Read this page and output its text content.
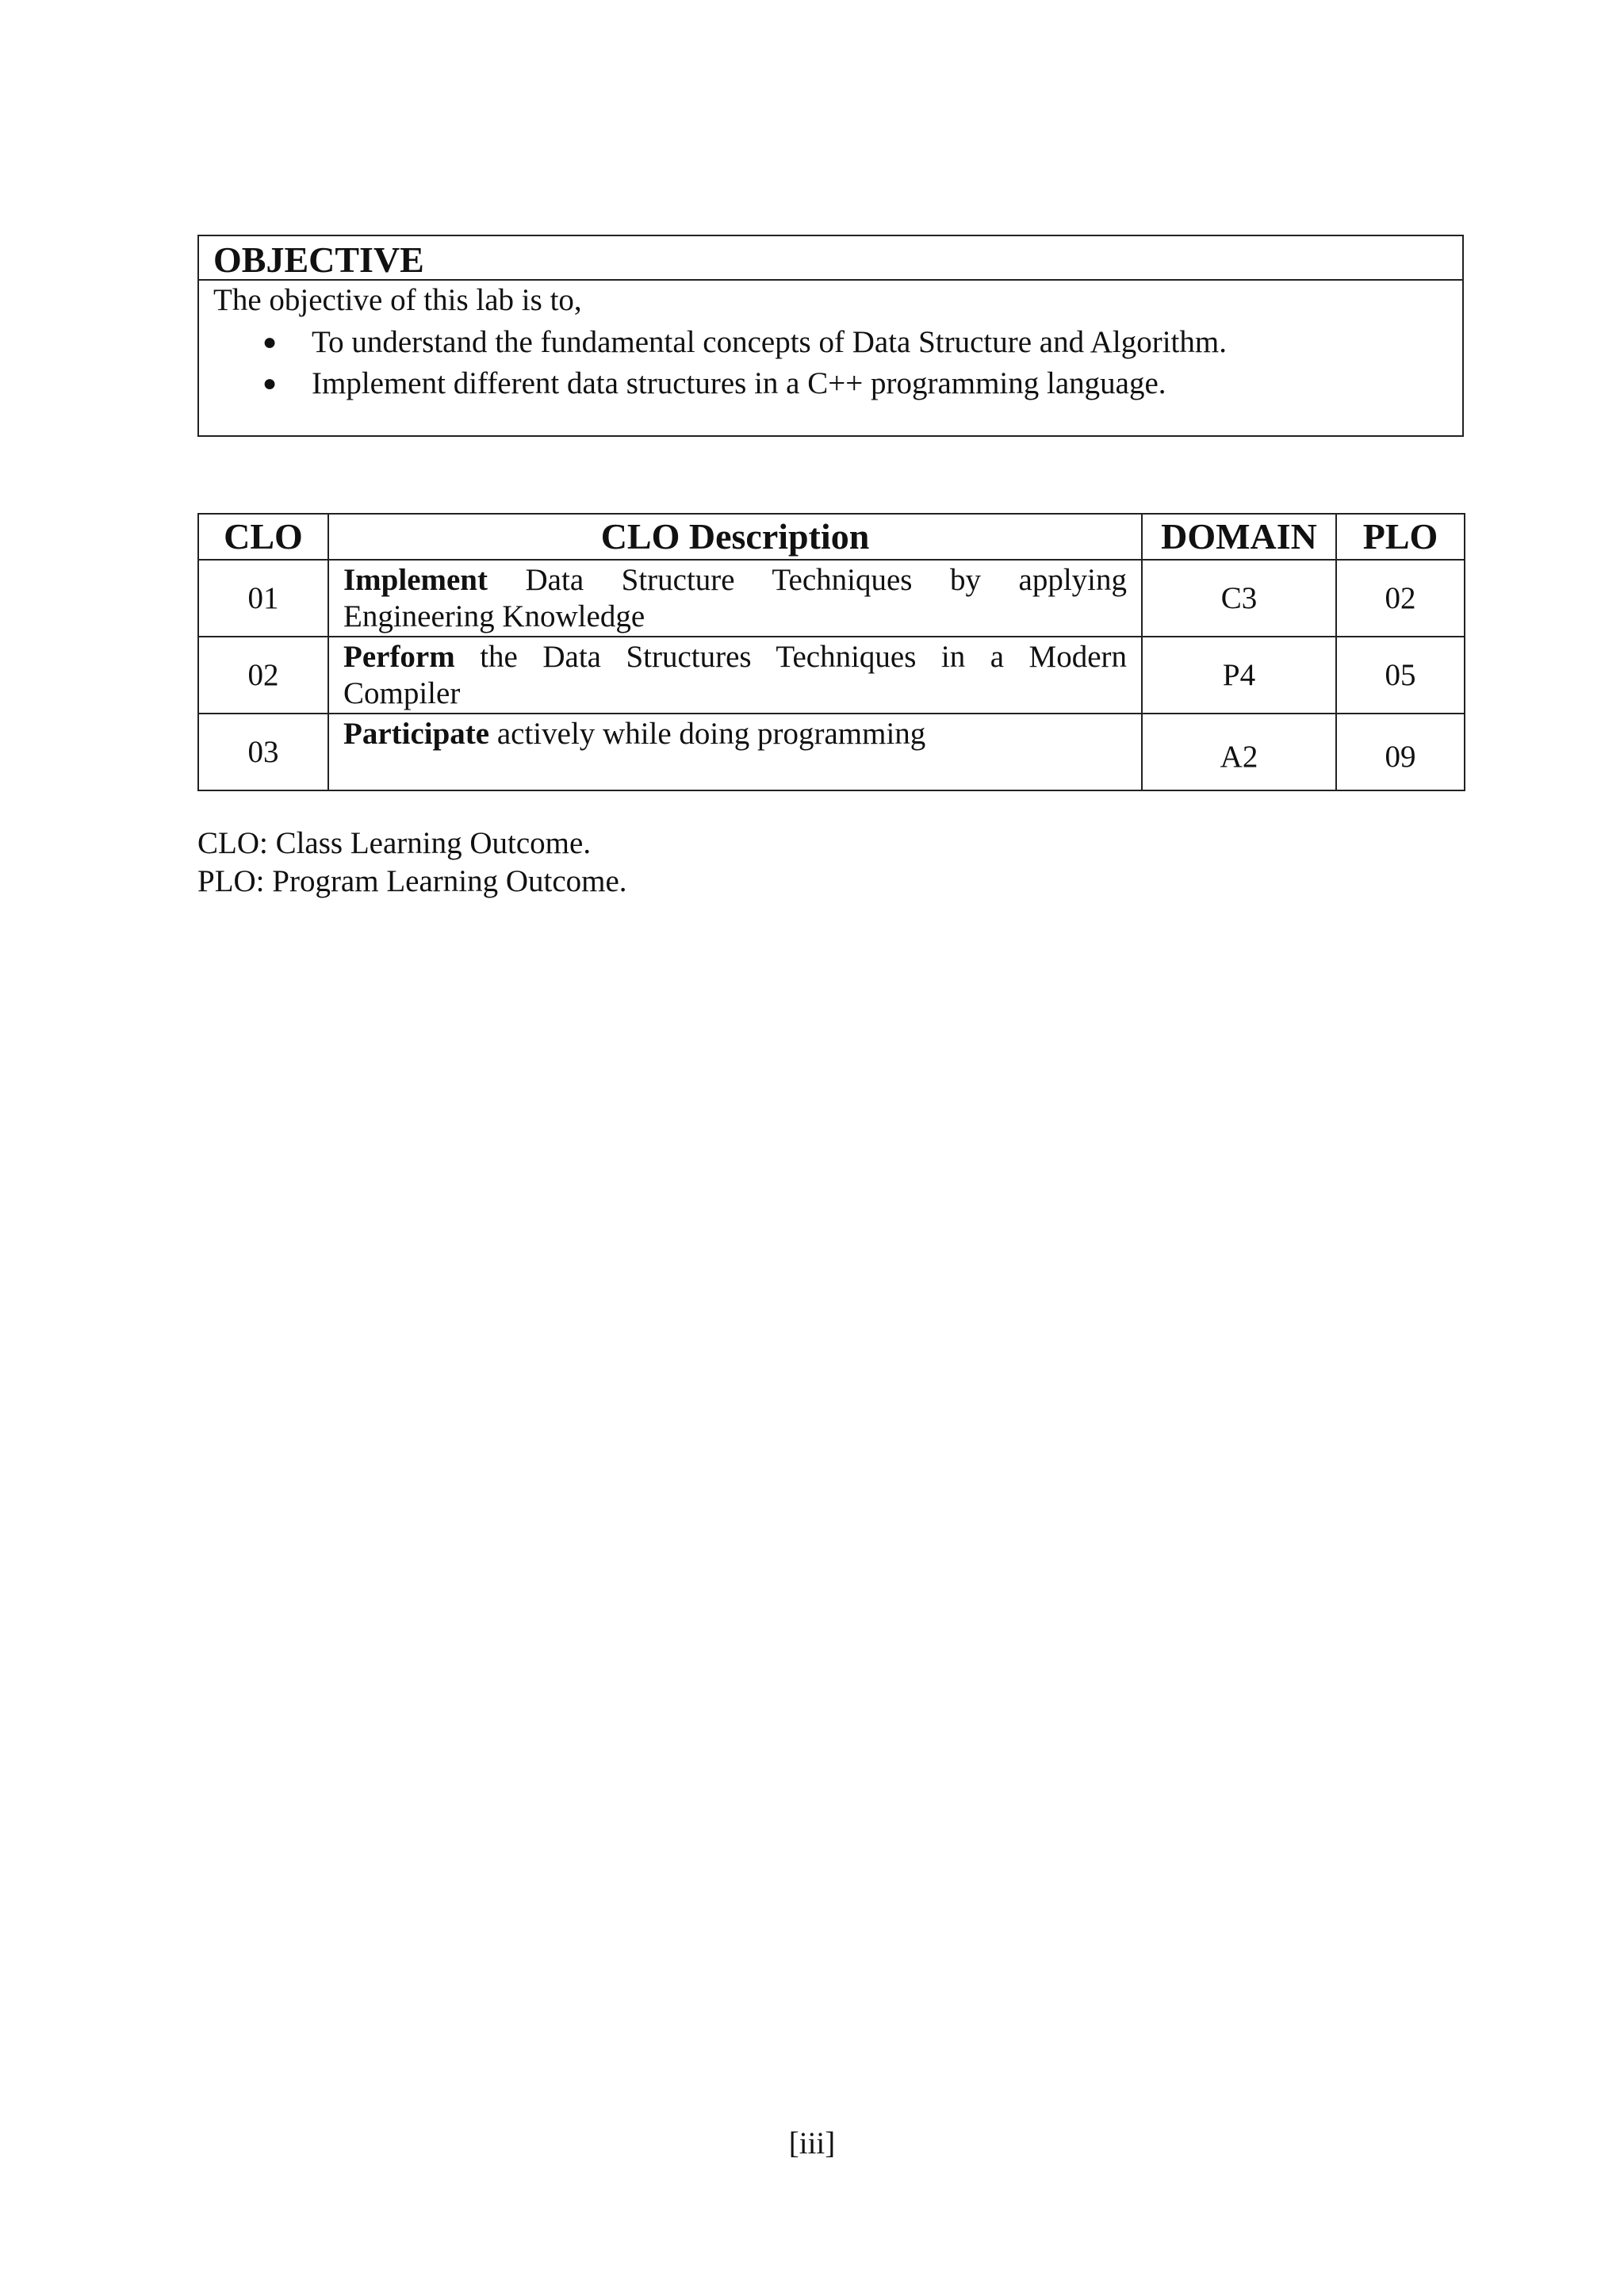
OBJECTIVE
The objective of this lab is to,
● To understand the fundamental concepts of Data Structure and Algorithm.
● Implement different data structures in a C++ programming language.
CLO	CLO Description	DOMAIN	PLO
01	Implement Data Structure Techniques by applying Engineering Knowledge	C3	02
02	Perform the Data Structures Techniques in a Modern Compiler	P4	05
03	Participate actively while doing programming	A2	09
CLO: Class Learning Outcome.
PLO: Program Learning Outcome.
[iii]
